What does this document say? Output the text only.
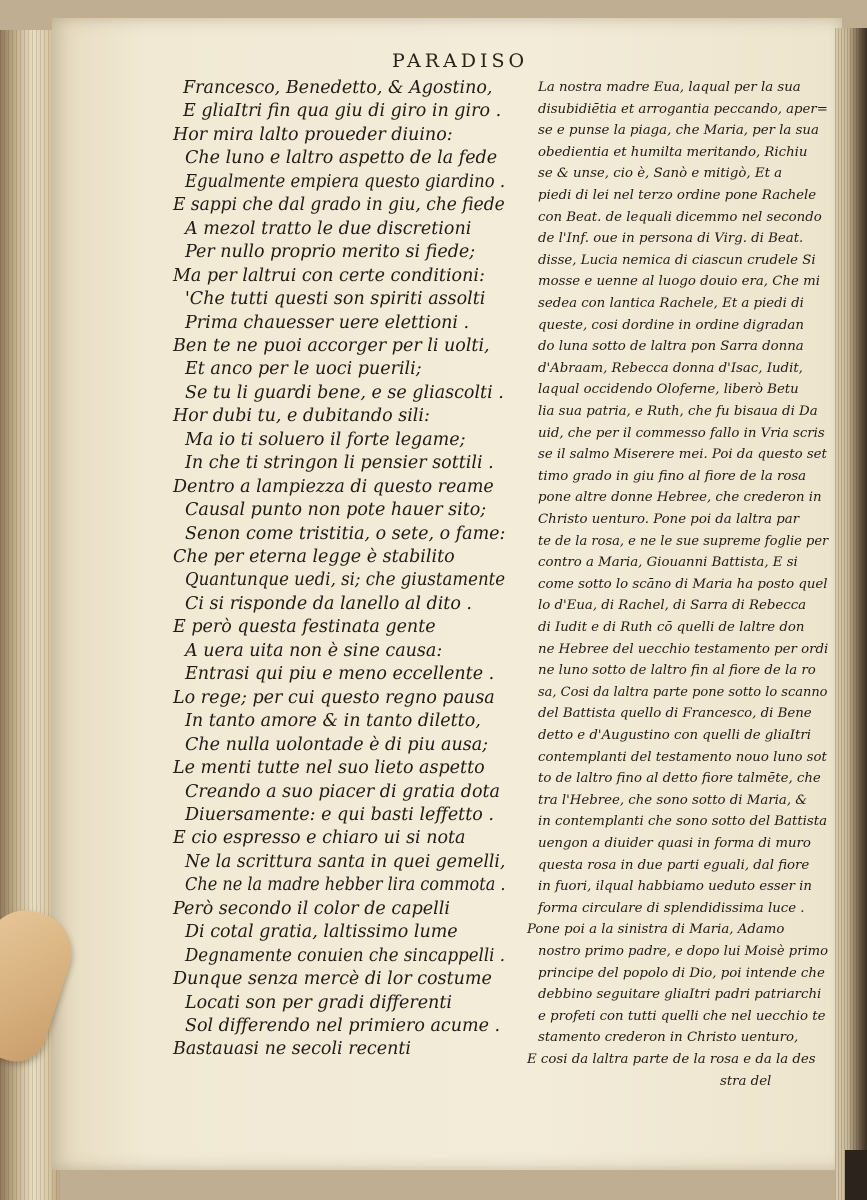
PARADISO
Francesco, Benedetto, & Agostino,
E gliaItri fin qua giu di giro in giro .
Hor mira lalto proueder diuino:
Che luno e laltro aspetto de la fede
Egualmente empiera questo giardino .
E sappi che dal grado in giu, che fiede
A mezol tratto le due discretioni
Per nullo proprio merito si fiede;
Ma per laltrui con certe conditioni:
'Che tutti questi son spiriti assolti
Prima chauesser uere elettioni .
Ben te ne puoi accorger per li uolti,
Et anco per le uoci puerili;
Se tu li guardi bene, e se gliascolti .
Hor dubi tu, e dubitando sili:
Ma io ti soluero il forte legame;
In che ti stringon li pensier sottili .
Dentro a lampiezza di questo reame
Causal punto non pote hauer sito;
Senon come tristitia, o sete, o fame:
Che per eterna legge è stabilito
Quantunque uedi, si; che giustamente
Ci si risponde da lanello al dito .
E però questa festinata gente
A uera uita non è sine causa:
Entrasi qui piu e meno eccellente .
Lo rege; per cui questo regno pausa
In tanto amore & in tanto diletto,
Che nulla uolontade è di piu ausa;
Le menti tutte nel suo lieto aspetto
Creando a suo piacer di gratia dota
Diuersamente: e qui basti leffetto .
E cio espresso e chiaro ui si nota
Ne la scrittura santa in quei gemelli,
Che ne la madre hebber lira commota .
Però secondo il color de capelli
Di cotal gratia, laltissimo lume
Degnamente conuien che sincappelli .
Dunque senza mercè di lor costume
Locati son per gradi differenti
Sol differendo nel primiero acume .
Bastauasi ne secoli recenti
La nostra madre Eua, laqual per la sua
disubidiētia et arrogantia peccando, aper=
se e punse la piaga, che Maria, per la sua
obedientia et humilta meritando, Richiu
se & unse, cio è, Sanò e mitigò, Et a
piedi di lei nel terzo ordine pone Rachele
con Beat. de lequali dicemmo nel secondo
de l'Inf. oue in persona di Virg. di Beat.
disse, Lucia nemica di ciascun crudele Si
mosse e uenne al luogo douio era, Che mi
sedea con lantica Rachele, Et a piedi di
queste, cosi dordine in ordine digradan
do luna sotto de laltra pon Sarra donna
d'Abraam, Rebecca donna d'Isac, Iudit,
laqual occidendo Oloferne, liberò Betu
lia sua patria, e Ruth, che fu bisaua di Da
uid, che per il commesso fallo in Vria scris
se il salmo Miserere mei. Poi da questo set
timo grado in giu fino al fiore de la rosa
pone altre donne Hebree, che crederon in
Christo uenturo. Pone poi da laltra par
te de la rosa, e ne le sue supreme foglie per
contro a Maria, Giouanni Battista, E si
come sotto lo scāno di Maria ha posto quel
lo d'Eua, di Rachel, di Sarra di Rebecca
di Iudit e di Ruth cō quelli de laltre don
ne Hebree del uecchio testamento per ordi
ne luno sotto de laltro fin al fiore de la ro
sa, Cosi da laltra parte pone sotto lo scanno
del Battista quello di Francesco, di Bene
detto e d'Augustino con quelli de gliaItri
contemplanti del testamento nouo luno sot
to de laltro fino al detto fiore talmēte, che
tra l'Hebree, che sono sotto di Maria, &
in contemplanti che sono sotto del Battista
uengon a diuider quasi in forma di muro
questa rosa in due parti eguali, dal fiore
in fuori, ilqual habbiamo ueduto esser in
forma circulare di splendidissima luce .
Pone poi a la sinistra di Maria, Adamo
nostro primo padre, e dopo lui Moisè primo
principe del popolo di Dio, poi intende che
debbino seguitare gliaItri padri patriarchi
e profeti con tutti quelli che nel uecchio te
stamento crederon in Christo uenturo,
E cosi da laltra parte de la rosa e da la des
stra del
